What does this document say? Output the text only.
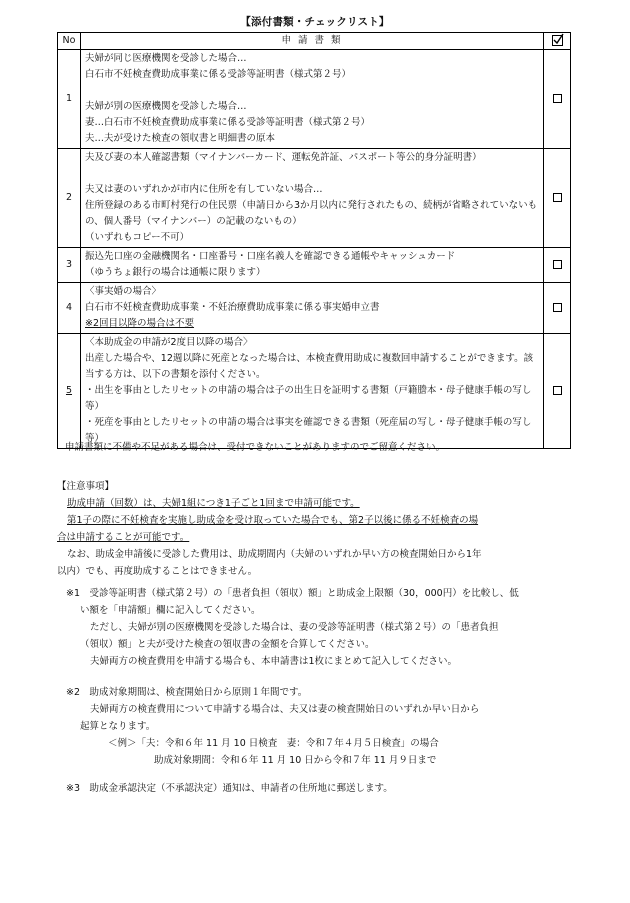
【添付書類・チェックリスト】
No	申 請 書 類	

1	夫婦が同じ医療機関を受診した場合…
白石市不妊検査費助成事業に係る受診等証明書（様式第２号）
夫婦が別の医療機関を受診した場合…
妻…白石市不妊検査費助成事業に係る受診等証明書（様式第２号）
夫…夫が受けた検査の領収書と明細書の原本	

2	夫及び妻の本人確認書類（マイナンバーカード、運転免許証、パスポート等公的身分証明書）
夫又は妻のいずれかが市内に住所を有していない場合…
住所登録のある市町村発行の住民票（申請日から3か月以内に発行されたもの、続柄が省略されていないもの、個人番号（マイナンバー）の記載のないもの）
（いずれもコピー不可）	

3	振込先口座の金融機関名・口座番号・口座名義人を確認できる通帳やキャッシュカード
（ゆうちょ銀行の場合は通帳に限ります）	

4	〈事実婚の場合〉
白石市不妊検査費助成事業・不妊治療費助成事業に係る事実婚申立書
※2回目以降の場合は不要	

5	〈本助成金の申請が2度目以降の場合〉
出産した場合や、12週以降に死産となった場合は、本検査費用助成に複数回申請することができます。該当する方は、以下の書類を添付ください。
・出生を事由としたリセットの申請の場合は子の出生日を証明する書類（戸籍謄本・母子健康手帳の写し等）
・死産を事由としたリセットの申請の場合は事実を確認できる書類（死産届の写し・母子健康手帳の写し等）	

申請書類に不備や不足がある場合は、受付できないことがありますのでご留意ください。
【注意事項】
助成申請（回数）は、夫婦1組につき1子ごと1回まで申請可能です。
第1子の際に不妊検査を実施し助成金を受け取っていた場合でも、第2子以後に係る不妊検査の場
合は申請することが可能です。
なお、助成金申請後に受診した費用は、助成期間内（夫婦のいずれか早い方の検査開始日から1年
以内）でも、再度助成することはできません。
※1　受診等証明書（様式第２号）の「患者負担（領収）額」と助成金上限額（30，000円）を比較し、低
い額を「申請額」欄に記入してください。
ただし、夫婦が別の医療機関を受診した場合は、妻の受診等証明書（様式第２号）の「患者負担
（領収）額」と夫が受けた検査の領収書の金額を合算してください。
夫婦両方の検査費用を申請する場合も、本申請書は1枚にまとめて記入してください。
※2　助成対象期間は、検査開始日から原則１年間です。
夫婦両方の検査費用について申請する場合は、夫又は妻の検査開始日のいずれか早い日から
起算となります。
＜例＞「夫：令和６年 11 月 10 日検査　妻：令和７年４月５日検査」の場合
助成対象期間：令和６年 11 月 10 日から令和７年 11 月９日まで
※3　助成金承認決定（不承認決定）通知は、申請者の住所地に郵送します。
